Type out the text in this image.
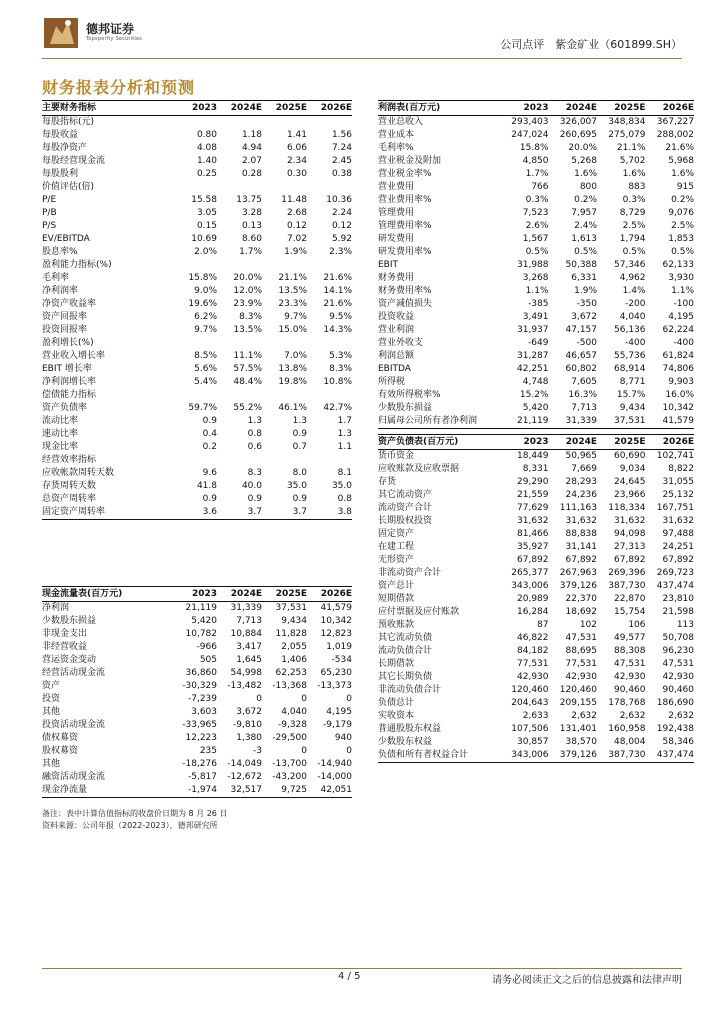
德邦证券
Topsperity Securities	公司点评　紫金矿业（601899.SH）
财务报表分析和预测
主要财务指标	2023	2024E	2025E	2026E
每股指标(元)
每股收益	0.80	1.18	1.41	1.56
每股净资产	4.08	4.94	6.06	7.24
每股经营现金流	1.40	2.07	2.34	2.45
每股股利	0.25	0.28	0.30	0.38
价值评估(倍)
P/E	15.58	13.75	11.48	10.36
P/B	3.05	3.28	2.68	2.24
P/S	0.15	0.13	0.12	0.12
EV/EBITDA	10.69	8.60	7.02	5.92
股息率%	2.0%	1.7%	1.9%	2.3%
盈利能力指标(%)
毛利率	15.8%	20.0%	21.1%	21.6%
净利润率	9.0%	12.0%	13.5%	14.1%
净资产收益率	19.6%	23.9%	23.3%	21.6%
资产回报率	6.2%	8.3%	9.7%	9.5%
投资回报率	9.7%	13.5%	15.0%	14.3%
盈利增长(%)
营业收入增长率	8.5%	11.1%	7.0%	5.3%
EBIT 增长率	5.6%	57.5%	13.8%	8.3%
净利润增长率	5.4%	48.4%	19.8%	10.8%
偿债能力指标
资产负债率	59.7%	55.2%	46.1%	42.7%
流动比率	0.9	1.3	1.3	1.7
速动比率	0.4	0.8	0.9	1.3
现金比率	0.2	0.6	0.7	1.1
经营效率指标
应收帐款周转天数	9.6	8.3	8.0	8.1
存货周转天数	41.8	40.0	35.0	35.0
总资产周转率	0.9	0.9	0.9	0.8
固定资产周转率	3.6	3.7	3.7	3.8
利润表(百万元)	2023	2024E	2025E	2026E
营业总收入	293,403	326,007	348,834	367,227
营业成本	247,024	260,695	275,079	288,002
毛利率%	15.8%	20.0%	21.1%	21.6%
营业税金及附加	4,850	5,268	5,702	5,968
营业税金率%	1.7%	1.6%	1.6%	1.6%
营业费用	766	800	883	915
营业费用率%	0.3%	0.2%	0.3%	0.2%
管理费用	7,523	7,957	8,729	9,076
管理费用率%	2.6%	2.4%	2.5%	2.5%
研发费用	1,567	1,613	1,794	1,853
研发费用率%	0.5%	0.5%	0.5%	0.5%
EBIT	31,988	50,388	57,346	62,133
财务费用	3,268	6,331	4,962	3,930
财务费用率%	1.1%	1.9%	1.4%	1.1%
资产减值损失	-385	-350	-200	-100
投资收益	3,491	3,672	4,040	4,195
营业利润	31,937	47,157	56,136	62,224
营业外收支	-649	-500	-400	-400
利润总额	31,287	46,657	55,736	61,824
EBITDA	42,251	60,802	68,914	74,806
所得税	4,748	7,605	8,771	9,903
有效所得税率%	15.2%	16.3%	15.7%	16.0%
少数股东损益	5,420	7,713	9,434	10,342
归属母公司所有者净利润	21,119	31,339	37,531	41,579
资产负债表(百万元)	2023	2024E	2025E	2026E
货币资金	18,449	50,965	60,690	102,741
应收账款及应收票据	8,331	7,669	9,034	8,822
存货	29,290	28,293	24,645	31,055
其它流动资产	21,559	24,236	23,966	25,132
流动资产合计	77,629	111,163	118,334	167,751
长期股权投资	31,632	31,632	31,632	31,632
固定资产	81,466	88,838	94,098	97,488
在建工程	35,927	31,141	27,313	24,251
无形资产	67,892	67,892	67,892	67,892
非流动资产合计	265,377	267,963	269,396	269,723
资产总计	343,006	379,126	387,730	437,474
短期借款	20,989	22,370	22,870	23,810
应付票据及应付账款	16,284	18,692	15,754	21,598
预收账款	87	102	106	113
其它流动负债	46,822	47,531	49,577	50,708
流动负债合计	84,182	88,695	88,308	96,230
长期借款	77,531	77,531	47,531	47,531
其它长期负债	42,930	42,930	42,930	42,930
非流动负债合计	120,460	120,460	90,460	90,460
负债总计	204,643	209,155	178,768	186,690
实收资本	2,633	2,632	2,632	2,632
普通股股东权益	107,506	131,401	160,958	192,438
少数股东权益	30,857	38,570	48,004	58,346
负债和所有者权益合计	343,006	379,126	387,730	437,474
现金流量表(百万元)	2023	2024E	2025E	2026E
净利润	21,119	31,339	37,531	41,579
少数股东损益	5,420	7,713	9,434	10,342
非现金支出	10,782	10,884	11,828	12,823
非经营收益	-966	3,417	2,055	1,019
营运资金变动	505	1,645	1,406	-534
经营活动现金流	36,860	54,998	62,253	65,230
资产	-30,329	-13,482	-13,368	-13,373
投资	-7,239	0	0	0
其他	3,603	3,672	4,040	4,195
投资活动现金流	-33,965	-9,810	-9,328	-9,179
债权募资	12,223	1,380	-29,500	940
股权募资	235	-3	0	0
其他	-18,276	-14,049	-13,700	-14,940
融资活动现金流	-5,817	-12,672	-43,200	-14,000
现金净流量	-1,974	32,517	9,725	42,051
备注：表中计算估值指标的收盘价日期为 8 月 26 日
资料来源：公司年报（2022-2023），德邦研究所
4 / 5	请务必阅读正文之后的信息披露和法律声明
